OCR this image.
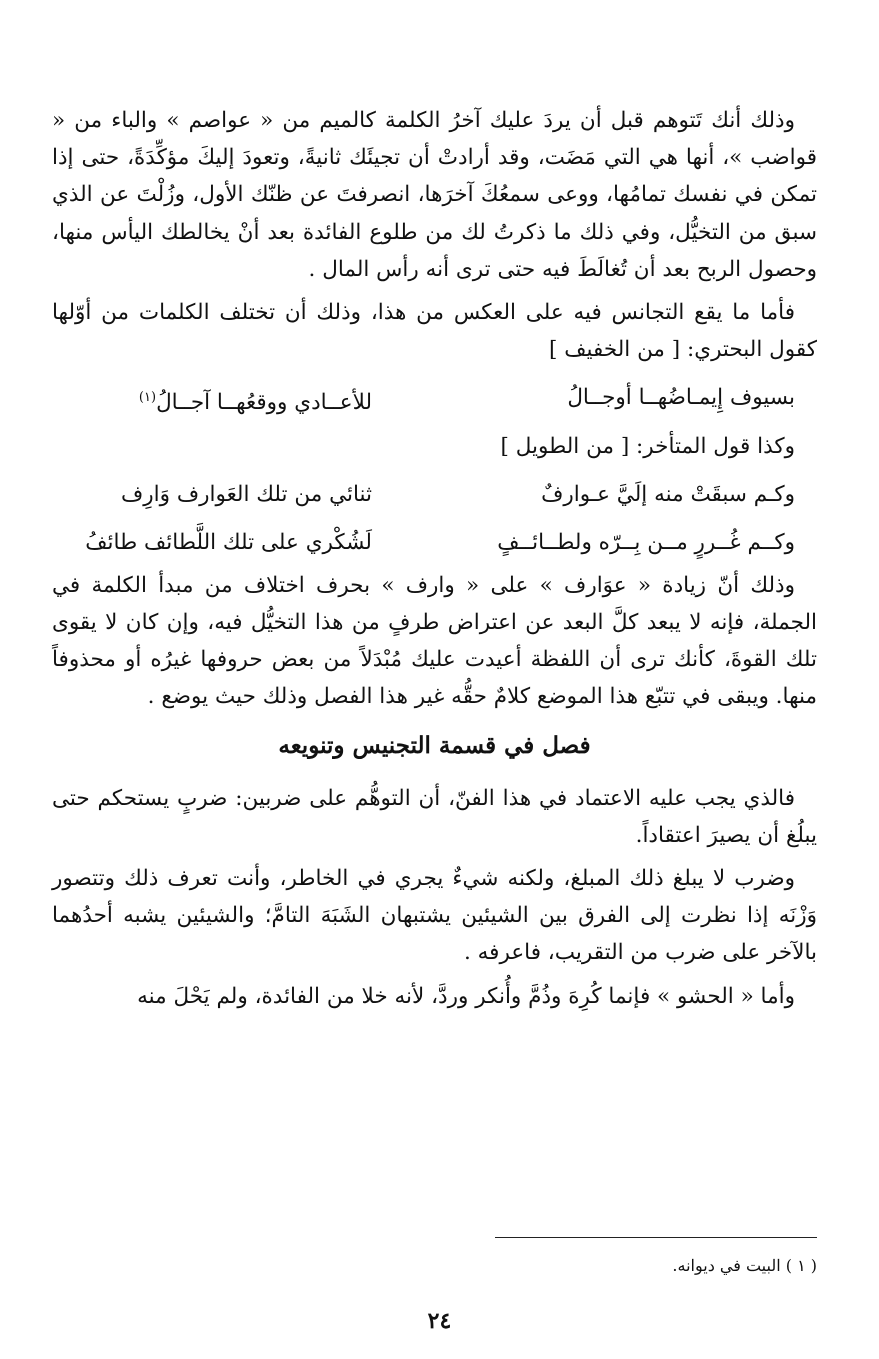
وذلك أنك تَتوهم قبل أن يردَ عليك آخرُ الكلمة كالميم من « عواصم » والباء من « قواضب »، أنها هي التي مَضَت، وقد أرادتْ أن تجيئَك ثانيةً، وتعودَ إليكَ مؤكِّدَةً، حتى إذا تمكن في نفسك تمامُها، ووعى سمعُكَ آخرَها، انصرفتَ عن ظنّك الأول، وزُلْتَ عن الذي سبق من التخيُّل، وفي ذلك ما ذكرتُ لك من طلوع الفائدة بعد أنْ يخالطك اليأس منها، وحصول الربح بعد أن تُغالَطَ فيه حتى ترى أنه رأس المال .

فأما ما يقع التجانس فيه على العكس من هذا، وذلك أن تختلف الكلمات من أوّلها كقول البحتري: [ من الخفيف ]

بسيوف إِيمـاضُهــا أوجــالُ
للأعــادي ووقعُهــا آجــالُ$^{(١)}$

وكذا قول المتأخر: [ من الطويل ]

وكـم سبقَتْ منه إلَيَّ عـوارفٌ
ثنائي من تلك العَوارف وَارِف
وكــم غُــررٍ مــن بِــرّه ولطــائــفٍ
لَشُكْري على تلك اللَّطائف طائفُ

وذلك أنّ زيادة « عوَارف » على « وارف » بحرف اختلاف من مبدأ الكلمة في الجملة، فإنه لا يبعد كلَّ البعد عن اعتراض طرفٍ من هذا التخيُّل فيه، وإن كان لا يقوى تلك القوةَ، كأنك ترى أن اللفظة أعيدت عليك مُبْدَلاً من بعض حروفها غيرُه أو محذوفاً منها. ويبقى في تتبّع هذا الموضع كلامٌ حقُّه غير هذا الفصل وذلك حيث يوضع .

فصل في قسمة التجنيس وتنويعه

فالذي يجب عليه الاعتماد في هذا الفنّ، أن التوهُّم على ضربين: ضربٍ يستحكم حتى يبلُغ أن يصيرَ اعتقاداً.

وضرب لا يبلغ ذلك المبلغ، ولكنه شيءٌ يجري في الخاطر، وأنت تعرف ذلك وتتصور وَزْنَه إذا نظرت إلى الفرق بين الشيئين يشتبهان الشَبَهَ التامَّ؛ والشيئين يشبه أحدُهما بالآخر على ضرب من التقريب، فاعرفه .

وأما « الحشو » فإنما كُرِهَ وذُمَّ وأُنكر وردَّ، لأنه خلا من الفائدة، ولم يَحْلَ منه

( ١ ) البيت في ديوانه.
٢٤
